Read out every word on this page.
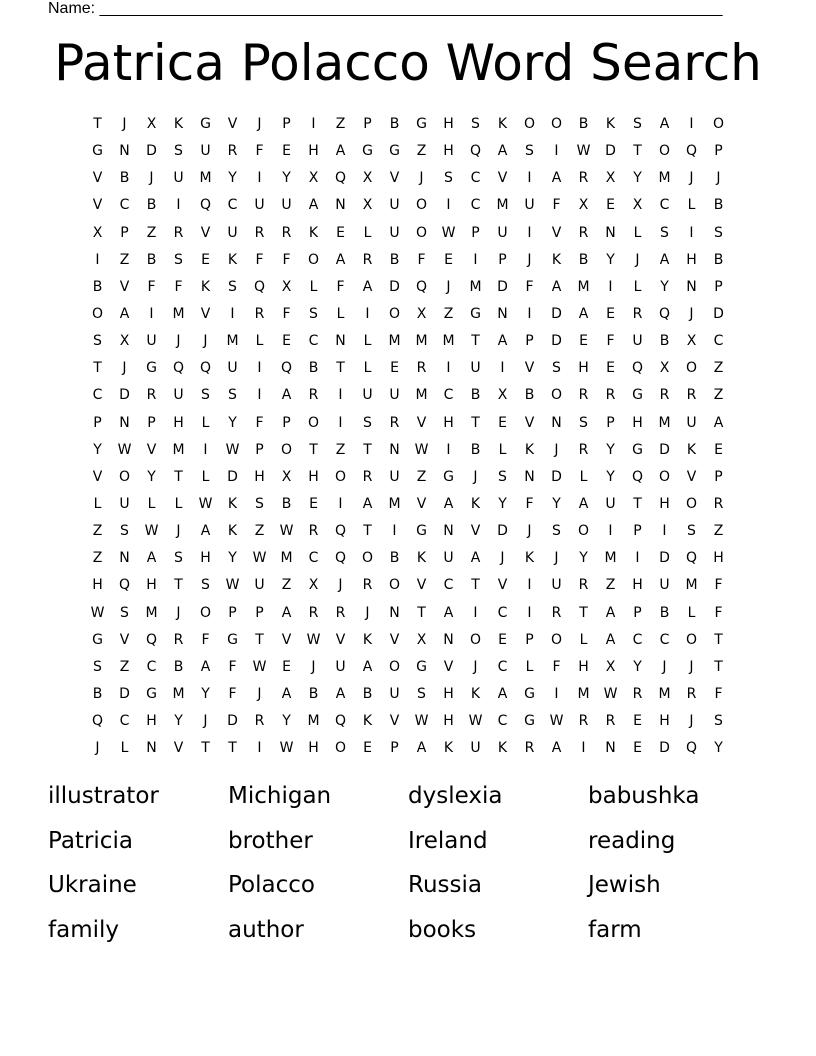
Name: ______________________________________________________________________
Patrica Polacco Word Search
T	J	X	K	G	V	J	P	I	Z	P	B	G	H	S	K	O	O	B	K	S	A	I	O
G	N	D	S	U	R	F	E	H	A	G	G	Z	H	Q	A	S	I	W	D	T	O	Q	P
V	B	J	U	M	Y	I	Y	X	Q	X	V	J	S	C	V	I	A	R	X	Y	M	J	J
V	C	B	I	Q	C	U	U	A	N	X	U	O	I	C	M	U	F	X	E	X	C	L	B
X	P	Z	R	V	U	R	R	K	E	L	U	O	W	P	U	I	V	R	N	L	S	I	S
I	Z	B	S	E	K	F	F	O	A	R	B	F	E	I	P	J	K	B	Y	J	A	H	B
B	V	F	F	K	S	Q	X	L	F	A	D	Q	J	M	D	F	A	M	I	L	Y	N	P
O	A	I	M	V	I	R	F	S	L	I	O	X	Z	G	N	I	D	A	E	R	Q	J	D
S	X	U	J	J	M	L	E	C	N	L	M	M	M	T	A	P	D	E	F	U	B	X	C
T	J	G	Q	Q	U	I	Q	B	T	L	E	R	I	U	I	V	S	H	E	Q	X	O	Z
C	D	R	U	S	S	I	A	R	I	U	U	M	C	B	X	B	O	R	R	G	R	R	Z
P	N	P	H	L	Y	F	P	O	I	S	R	V	H	T	E	V	N	S	P	H	M	U	A
Y	W	V	M	I	W	P	O	T	Z	T	N	W	I	B	L	K	J	R	Y	G	D	K	E
V	O	Y	T	L	D	H	X	H	O	R	U	Z	G	J	S	N	D	L	Y	Q	O	V	P
L	U	L	L	W	K	S	B	E	I	A	M	V	A	K	Y	F	Y	A	U	T	H	O	R
Z	S	W	J	A	K	Z	W	R	Q	T	I	G	N	V	D	J	S	O	I	P	I	S	Z
Z	N	A	S	H	Y	W	M	C	Q	O	B	K	U	A	J	K	J	Y	M	I	D	Q	H
H	Q	H	T	S	W	U	Z	X	J	R	O	V	C	T	V	I	U	R	Z	H	U	M	F
W	S	M	J	O	P	P	A	R	R	J	N	T	A	I	C	I	R	T	A	P	B	L	F
G	V	Q	R	F	G	T	V	W	V	K	V	X	N	O	E	P	O	L	A	C	C	O	T
S	Z	C	B	A	F	W	E	J	U	A	O	G	V	J	C	L	F	H	X	Y	J	J	T
B	D	G	M	Y	F	J	A	B	A	B	U	S	H	K	A	G	I	M	W	R	M	R	F
Q	C	H	Y	J	D	R	Y	M	Q	K	V	W	H	W	C	G	W	R	R	E	H	J	S
J	L	N	V	T	T	I	W	H	O	E	P	A	K	U	K	R	A	I	N	E	D	Q	Y
illustrator	Michigan	dyslexia	babushka
Patricia	brother	Ireland	reading
Ukraine	Polacco	Russia	Jewish
family	author	books	farm
